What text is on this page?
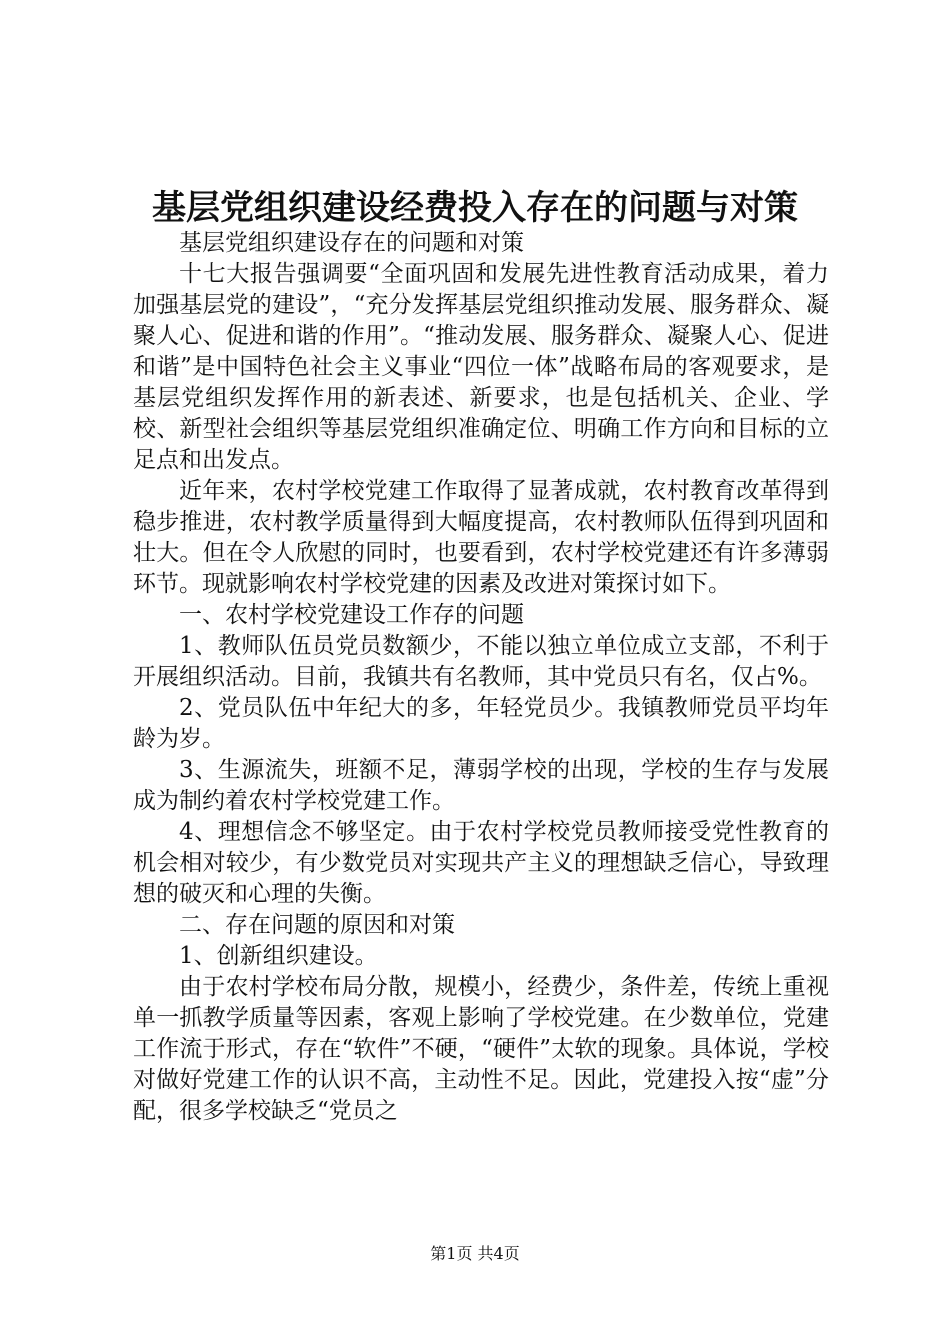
基层党组织建设经费投入存在的问题与对策

基层党组织建设存在的问题和对策

十七大报告强调要“全面巩固和发展先进性教育活动成果，着力加强基层党的建设”，“充分发挥基层党组织推动发展、服务群众、凝聚人心、促进和谐的作用”。“推动发展、服务群众、凝聚人心、促进和谐”是中国特色社会主义事业“四位一体”战略布局的客观要求，是基层党组织发挥作用的新表述、新要求，也是包括机关、企业、学校、新型社会组织等基层党组织准确定位、明确工作方向和目标的立足点和出发点。

近年来，农村学校党建工作取得了显著成就，农村教育改革得到稳步推进，农村教学质量得到大幅度提高，农村教师队伍得到巩固和壮大。但在令人欣慰的同时，也要看到，农村学校党建还有许多薄弱环节。现就影响农村学校党建的因素及改进对策探讨如下。

一、农村学校党建设工作存的问题

1、教师队伍员党员数额少，不能以独立单位成立支部，不利于开展组织活动。目前，我镇共有名教师，其中党员只有名，仅占%。

2、党员队伍中年纪大的多，年轻党员少。我镇教师党员平均年龄为岁。

3、生源流失，班额不足，薄弱学校的出现，学校的生存与发展成为制约着农村学校党建工作。

4、理想信念不够坚定。由于农村学校党员教师接受党性教育的机会相对较少，有少数党员对实现共产主义的理想缺乏信心，导致理想的破灭和心理的失衡。

二、存在问题的原因和对策

1、创新组织建设。

由于农村学校布局分散，规模小，经费少，条件差，传统上重视单一抓教学质量等因素，客观上影响了学校党建。在少数单位，党建工作流于形式，存在“软件”不硬，“硬件”太软的现象。具体说，学校对做好党建工作的认识不高，主动性不足。因此，党建投入按“虚”分配，很多学校缺乏“党员之

第1页 共4页
